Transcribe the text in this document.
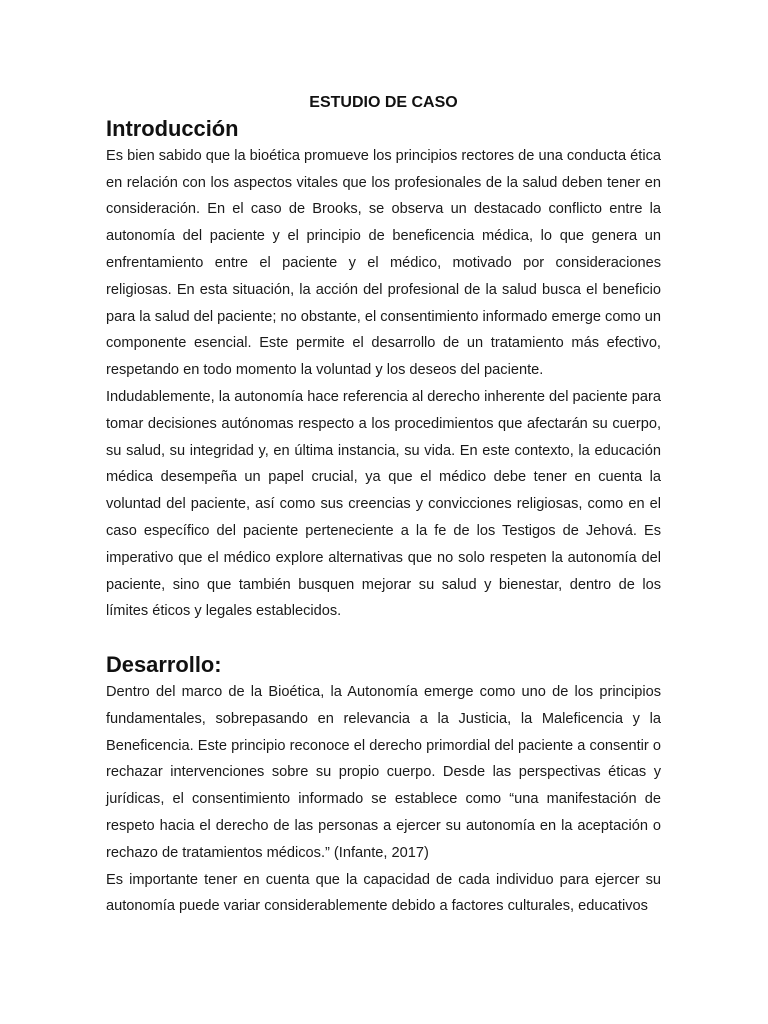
ESTUDIO DE CASO
Introducción

Es bien sabido que la bioética promueve los principios rectores de una conducta ética en relación con los aspectos vitales que los profesionales de la salud deben tener en consideración. En el caso de Brooks, se observa un destacado conflicto entre la autonomía del paciente y el principio de beneficencia médica, lo que genera un enfrentamiento entre el paciente y el médico, motivado por consideraciones religiosas. En esta situación, la acción del profesional de la salud busca el beneficio para la salud del paciente; no obstante, el consentimiento informado emerge como un componente esencial. Este permite el desarrollo de un tratamiento más efectivo, respetando en todo momento la voluntad y los deseos del paciente.

Indudablemente, la autonomía hace referencia al derecho inherente del paciente para tomar decisiones autónomas respecto a los procedimientos que afectarán su cuerpo, su salud, su integridad y, en última instancia, su vida. En este contexto, la educación médica desempeña un papel crucial, ya que el médico debe tener en cuenta la voluntad del paciente, así como sus creencias y convicciones religiosas, como en el caso específico del paciente perteneciente a la fe de los Testigos de Jehová. Es imperativo que el médico explore alternativas que no solo respeten la autonomía del paciente, sino que también busquen mejorar su salud y bienestar, dentro de los límites éticos y legales establecidos.

Desarrollo:

Dentro del marco de la Bioética, la Autonomía emerge como uno de los principios fundamentales, sobrepasando en relevancia a la Justicia, la Maleficencia y la Beneficencia. Este principio reconoce el derecho primordial del paciente a consentir o rechazar intervenciones sobre su propio cuerpo. Desde las perspectivas éticas y jurídicas, el consentimiento informado se establece como “una manifestación de respeto hacia el derecho de las personas a ejercer su autonomía en la aceptación o rechazo de tratamientos médicos.” (Infante, 2017)

Es importante tener en cuenta que la capacidad de cada individuo para ejercer su autonomía puede variar considerablemente debido a factores culturales, educativos
